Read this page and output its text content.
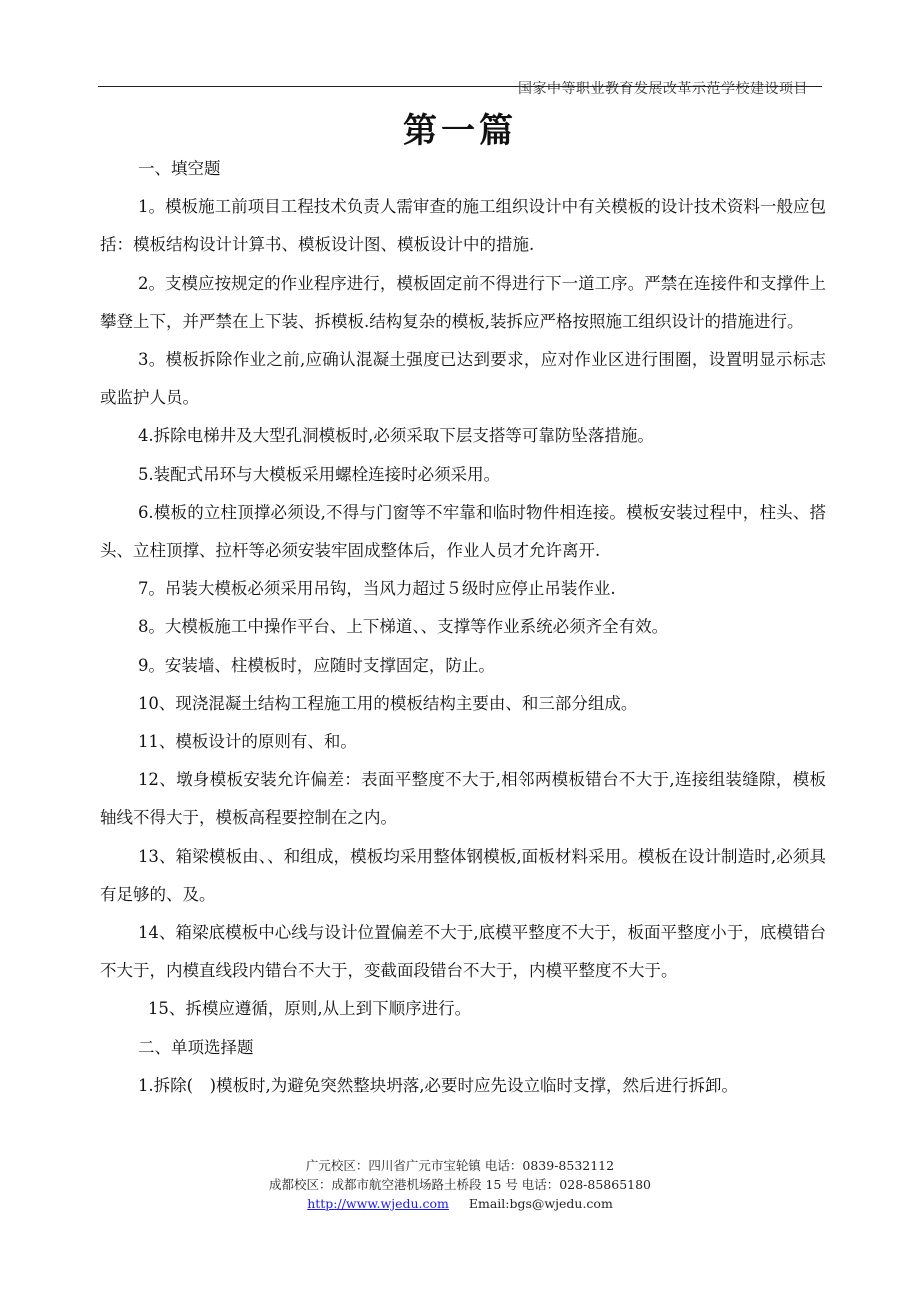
国家中等职业教育发展改革示范学校建设项目
第一篇

一、填空题

1。模板施工前项目工程技术负责人需审查的施工组织设计中有关模板的设计技术资料一般应包括：模板结构设计计算书、模板设计图、模板设计中的措施.

2。支模应按规定的作业程序进行，模板固定前不得进行下一道工序。严禁在连接件和支撑件上攀登上下，并严禁在上下装、拆模板.结构复杂的模板,装拆应严格按照施工组织设计的措施进行。

3。模板拆除作业之前,应确认混凝土强度已达到要求，应对作业区进行围圈，设置明显示标志或监护人员。

4.拆除电梯井及大型孔洞模板时,必须采取下层支搭等可靠防坠落措施。

5.装配式吊环与大模板采用螺栓连接时必须采用。

6.模板的立柱顶撑必须设,不得与门窗等不牢靠和临时物件相连接。模板安装过程中，柱头、搭头、立柱顶撑、拉杆等必须安装牢固成整体后，作业人员才允许离开.

7。吊装大模板必须采用吊钩，当风力超过５级时应停止吊装作业.

8。大模板施工中操作平台、上下梯道、、支撑等作业系统必须齐全有效。

9。安装墙、柱模板时，应随时支撑固定，防止。

10、现浇混凝土结构工程施工用的模板结构主要由、和三部分组成。

11、模板设计的原则有、和。

12、墩身模板安装允许偏差：表面平整度不大于,相邻两模板错台不大于,连接组装缝隙，模板轴线不得大于，模板高程要控制在之内。

13、箱梁模板由、、和组成，模板均采用整体钢模板,面板材料采用。模板在设计制造时,必须具有足够的、及。

14、箱梁底模板中心线与设计位置偏差不大于,底模平整度不大于，板面平整度小于，底模错台不大于，内模直线段内错台不大于，变截面段错台不大于，内模平整度不大于。

15、拆模应遵循，原则,从上到下顺序进行。

二、单项选择题

1.拆除(　)模板时,为避免突然整块坍落,必要时应先设立临时支撑，然后进行拆卸。

广元校区：四川省广元市宝轮镇 电话：0839-8532112
成都校区：成都市航空港机场路土桥段 15 号 电话：028-85865180
http://www.wjedu.com Email:bgs@wjedu.com
